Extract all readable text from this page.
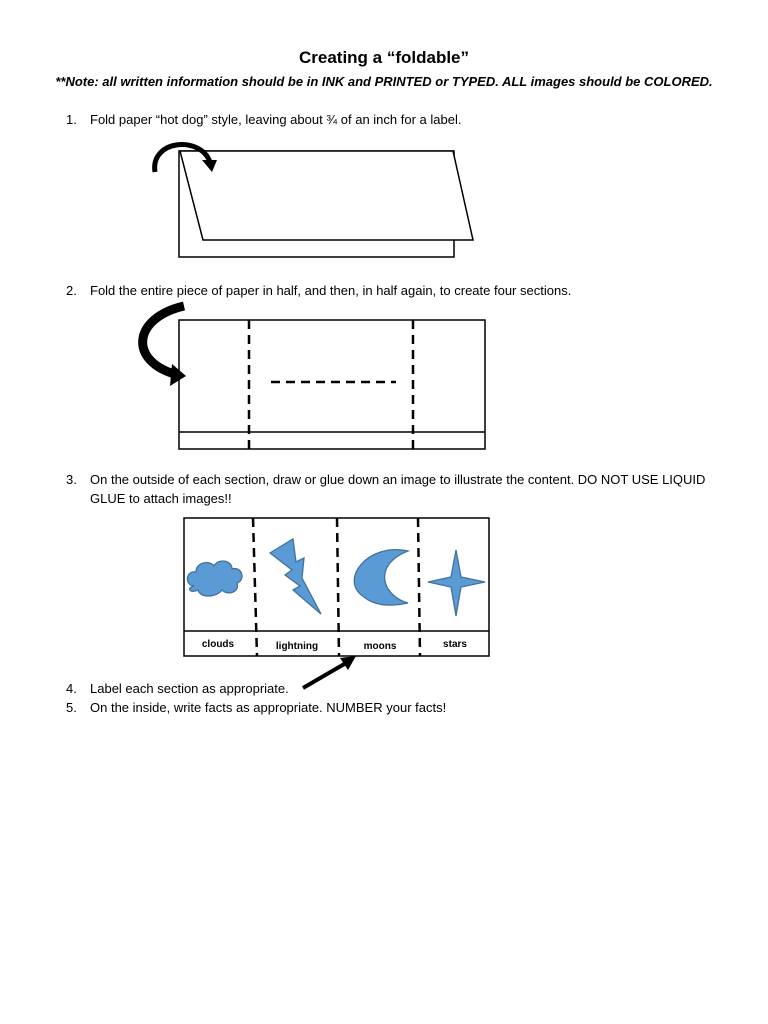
Creating a “foldable”
**Note: all written information should be in INK and PRINTED or TYPED. ALL images should be COLORED.
1.	Fold paper “hot dog” style, leaving about ¾ of an inch for a label.
2.	Fold the entire piece of paper in half, and then, in half again, to create four sections.
3.	On the outside of each section, draw or glue down an image to illustrate the content. DO NOT USE LIQUID GLUE to attach images!!
clouds	lightning	moons	stars
4.	Label each section as appropriate.
5.	On the inside, write facts as appropriate. NUMBER your facts!
